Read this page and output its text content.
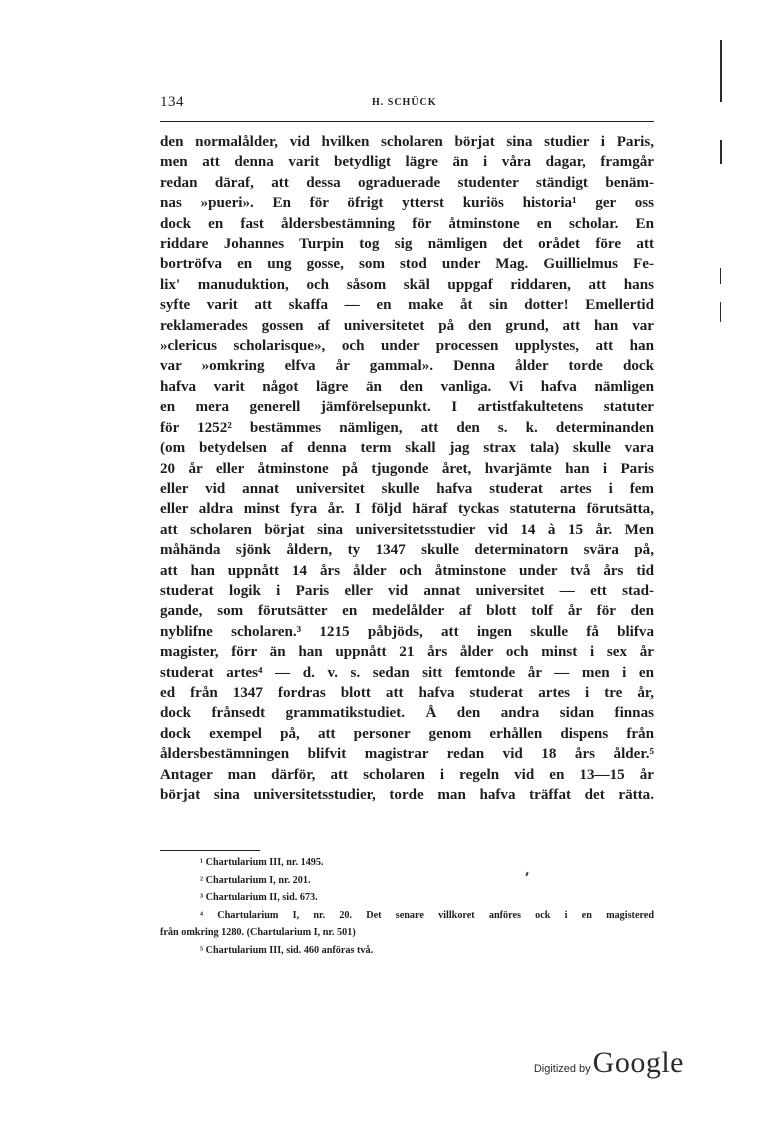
134	H. SCHÜCK
den normalålder, vid hvilken scholaren börjat sina studier i Paris,
men att denna varit betydligt lägre än i våra dagar, framgår
redan däraf, att dessa ograduerade studenter ständigt benäm-
nas »pueri». En för öfrigt ytterst kuriös historia¹ ger oss
dock en fast åldersbestämning för åtminstone en scholar. En
riddare Johannes Turpin tog sig nämligen det orådet före att
bortröfva en ung gosse, som stod under Mag. Guillielmus Fe-
lix' manuduktion, och såsom skäl uppgaf riddaren, att hans
syfte varit att skaffa — en make åt sin dotter! Emellertid
reklamerades gossen af universitetet på den grund, att han var
»clericus scholarisque», och under processen upplystes, att han
var »omkring elfva år gammal». Denna ålder torde dock
hafva varit något lägre än den vanliga. Vi hafva nämligen
en mera generell jämförelsepunkt. I artistfakultetens statuter
för 1252² bestämmes nämligen, att den s. k. determinanden
(om betydelsen af denna term skall jag strax tala) skulle vara
20 år eller åtminstone på tjugonde året, hvarjämte han i Paris
eller vid annat universitet skulle hafva studerat artes i fem
eller aldra minst fyra år. I följd häraf tyckas statuterna förutsätta,
att scholaren börjat sina universitetsstudier vid 14 à 15 år. Men
måhända sjönk åldern, ty 1347 skulle determinatorn svära på,
att han uppnått 14 års ålder och åtminstone under två års tid
studerat logik i Paris eller vid annat universitet — ett stad-
gande, som förutsätter en medelålder af blott tolf år för den
nyblifne scholaren.³ 1215 påbjöds, att ingen skulle få blifva
magister, förr än han uppnått 21 års ålder och minst i sex år
studerat artes⁴ — d. v. s. sedan sitt femtonde år — men i en
ed från 1347 fordras blott att hafva studerat artes i tre år,
dock frånsedt grammatikstudiet. Å den andra sidan finnas
dock exempel på, att personer genom erhållen dispens från
åldersbestämningen blifvit magistrar redan vid 18 års ålder.⁵
Antager man därför, att scholaren i regeln vid en 13—15 år
börjat sina universitetsstudier, torde man hafva träffat det rätta.
¹ Chartularium III, nr. 1495.
² Chartularium I, nr. 201.
³ Chartularium II, sid. 673.
⁴ Chartularium I, nr. 20. Det senare villkoret anföres ock i en magistered
från omkring 1280. (Chartularium I, nr. 501)
⁵ Chartularium III, sid. 460 anföras två.
Digitized by Google
